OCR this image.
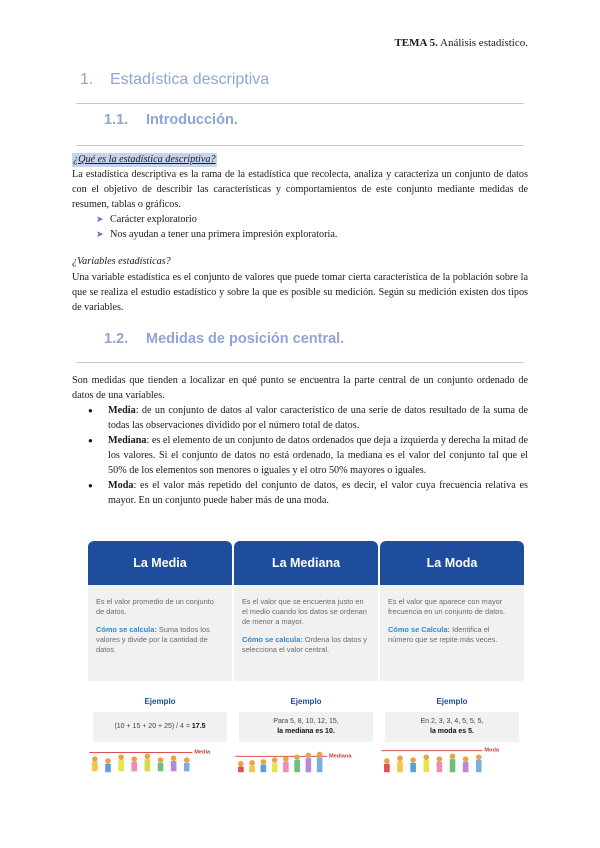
TEMA 5. Análisis estadístico.
1. Estadística descriptiva
1.1. Introducción.
¿Qué es la estadística descriptiva?
La estadística descriptiva es la rama de la estadística que recolecta, analiza y caracteriza un conjunto de datos con el objetivo de describir las características y comportamientos de este conjunto mediante medidas de resumen, tablas o gráficos.
➤ Carácter exploratorio
➤ Nos ayudan a tener una primera impresión exploratoria.
¿Variables estadísticas?
Una variable estadística es el conjunto de valores que puede tomar cierta característica de la población sobre la que se realiza el estudio estadístico y sobre la que es posible su medición. Según su medición existen dos tipos de variables.
1.2. Medidas de posición central.
Son medidas que tienden a localizar en qué punto se encuentra la parte central de un conjunto ordenado de datos de una variables.
● Media: de un conjunto de datos al valor característico de una serie de datos resultado de la suma de todas las observaciones dividido por el número total de datos.
● Mediana: es el elemento de un conjunto de datos ordenados que deja a izquierda y derecha la mitad de los valores. Si el conjunto de datos no está ordenado, la mediana es el valor del conjunto tal que el 50% de los elementos son menores o iguales y el otro 50% mayores o iguales.
● Moda: es el valor más repetido del conjunto de datos, es decir, el valor cuya frecuencia relativa es mayor. En un conjunto puede haber más de una moda.
La Media
Es el valor promedio de un conjunto de datos.
Cómo se calcula: Suma todos los valores y divide por la cantidad de datos
La Mediana
Es el valor que se encuentra justo en el medio cuando los datos se ordenan de menor a mayor.
Cómo se calcula: Ordena los datos y selecciona el valor central.
La Moda
Es el valor que aparece con mayor frecuencia en un conjunto de datos.
Cómo se Calcula: Identifica el número que se repite más veces.
Ejemplo	Ejemplo	Ejemplo
(10 + 15 + 20 + 25) / 4 = 17.5
Para 5, 8, 10, 12, 15,
la mediana es 10.
En 2, 3, 3, 4, 5, 5, 5,
la moda es 5.
Media
Mediana
Moda
